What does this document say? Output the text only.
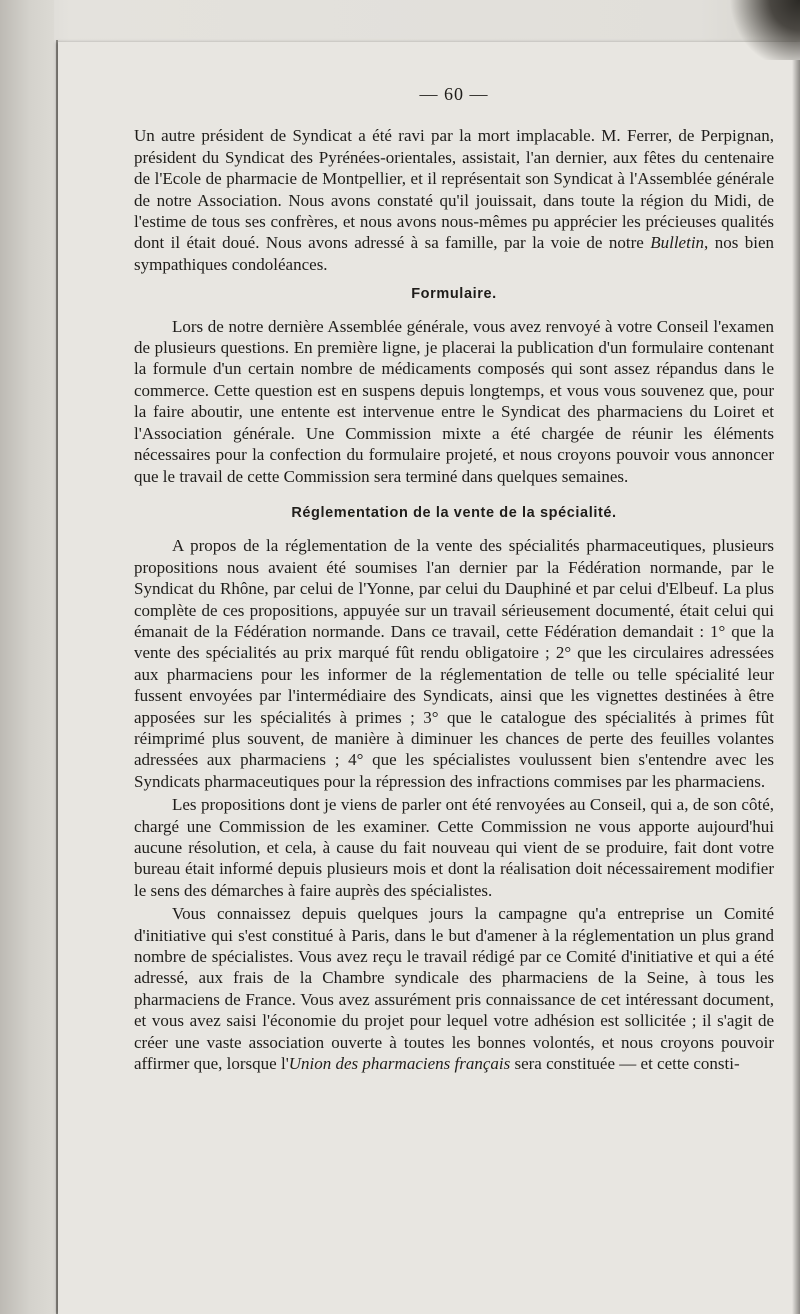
— 60 —

Un autre président de Syndicat a été ravi par la mort implacable. M. Ferrer, de Perpignan, président du Syndicat des Pyrénées-orientales, assistait, l'an dernier, aux fêtes du centenaire de l'Ecole de pharmacie de Montpellier, et il représentait son Syndicat à l'Assemblée générale de notre Association. Nous avons constaté qu'il jouissait, dans toute la région du Midi, de l'estime de tous ses confrères, et nous avons nous-mêmes pu apprécier les précieuses qualités dont il était doué. Nous avons adressé à sa famille, par la voie de notre Bulletin, nos bien sympathiques condoléances.

Formulaire.

Lors de notre dernière Assemblée générale, vous avez renvoyé à votre Conseil l'examen de plusieurs questions. En première ligne, je placerai la publication d'un formulaire contenant la formule d'un certain nombre de médicaments composés qui sont assez répandus dans le commerce. Cette question est en suspens depuis longtemps, et vous vous souvenez que, pour la faire aboutir, une entente est intervenue entre le Syndicat des pharmaciens du Loiret et l'Association générale. Une Commission mixte a été chargée de réunir les éléments nécessaires pour la confection du formulaire projeté, et nous croyons pouvoir vous annoncer que le travail de cette Commission sera terminé dans quelques semaines.

Réglementation de la vente de la spécialité.

A propos de la réglementation de la vente des spécialités pharmaceutiques, plusieurs propositions nous avaient été soumises l'an dernier par la Fédération normande, par le Syndicat du Rhône, par celui de l'Yonne, par celui du Dauphiné et par celui d'Elbeuf. La plus complète de ces propositions, appuyée sur un travail sérieusement documenté, était celui qui émanait de la Fédération normande. Dans ce travail, cette Fédération demandait : 1° que la vente des spécialités au prix marqué fût rendu obligatoire ; 2° que les circulaires adressées aux pharmaciens pour les informer de la réglementation de telle ou telle spécialité leur fussent envoyées par l'intermédiaire des Syndicats, ainsi que les vignettes destinées à être apposées sur les spécialités à primes ; 3° que le catalogue des spécialités à primes fût réimprimé plus souvent, de manière à diminuer les chances de perte des feuilles volantes adressées aux pharmaciens ; 4° que les spécialistes voulussent bien s'entendre avec les Syndicats pharmaceutiques pour la répression des infractions commises par les pharmaciens.

Les propositions dont je viens de parler ont été renvoyées au Conseil, qui a, de son côté, chargé une Commission de les examiner. Cette Commission ne vous apporte aujourd'hui aucune résolution, et cela, à cause du fait nouveau qui vient de se produire, fait dont votre bureau était informé depuis plusieurs mois et dont la réalisation doit nécessairement modifier le sens des démarches à faire auprès des spécialistes.

Vous connaissez depuis quelques jours la campagne qu'a entreprise un Comité d'initiative qui s'est constitué à Paris, dans le but d'amener à la réglementation un plus grand nombre de spécialistes. Vous avez reçu le travail rédigé par ce Comité d'initiative et qui a été adressé, aux frais de la Chambre syndicale des pharmaciens de la Seine, à tous les pharmaciens de France. Vous avez assurément pris connaissance de cet intéressant document, et vous avez saisi l'économie du projet pour lequel votre adhésion est sollicitée ; il s'agit de créer une vaste association ouverte à toutes les bonnes volontés, et nous croyons pouvoir affirmer que, lorsque l'Union des pharmaciens français sera constituée — et cette consti-
